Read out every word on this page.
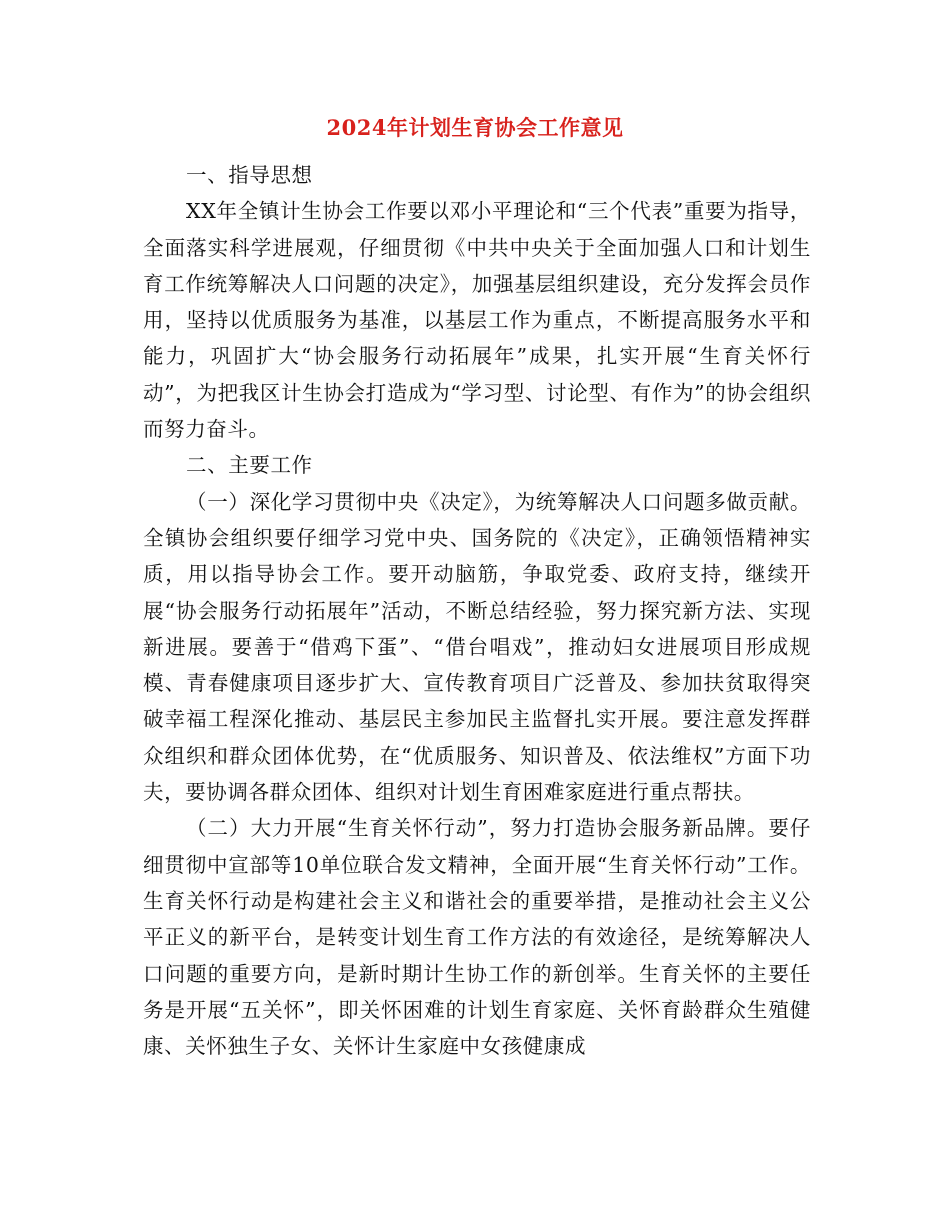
2024年计划生育协会工作意见

一、指导思想

XX年全镇计生协会工作要以邓小平理论和“三个代表”重要为指导，全面落实科学进展观，仔细贯彻《中共中央关于全面加强人口和计划生育工作统筹解决人口问题的决定》，加强基层组织建设，充分发挥会员作用，坚持以优质服务为基准，以基层工作为重点，不断提高服务水平和能力，巩固扩大“协会服务行动拓展年”成果，扎实开展“生育关怀行动”，为把我区计生协会打造成为“学习型、讨论型、有作为”的协会组织而努力奋斗。

二、主要工作

（一）深化学习贯彻中央《决定》，为统筹解决人口问题多做贡献。全镇协会组织要仔细学习党中央、国务院的《决定》，正确领悟精神实质，用以指导协会工作。要开动脑筋，争取党委、政府支持，继续开展“协会服务行动拓展年”活动，不断总结经验，努力探究新方法、实现新进展。要善于“借鸡下蛋”、“借台唱戏”，推动妇女进展项目形成规模、青春健康项目逐步扩大、宣传教育项目广泛普及、参加扶贫取得突破幸福工程深化推动、基层民主参加民主监督扎实开展。要注意发挥群众组织和群众团体优势，在“优质服务、知识普及、依法维权”方面下功夫，要协调各群众团体、组织对计划生育困难家庭进行重点帮扶。

（二）大力开展“生育关怀行动”，努力打造协会服务新品牌。要仔细贯彻中宣部等10单位联合发文精神，全面开展“生育关怀行动”工作。生育关怀行动是构建社会主义和谐社会的重要举措，是推动社会主义公平正义的新平台，是转变计划生育工作方法的有效途径，是统筹解决人口问题的重要方向，是新时期计生协工作的新创举。生育关怀的主要任务是开展“五关怀”，即关怀困难的计划生育家庭、关怀育龄群众生殖健康、关怀独生子女、关怀计生家庭中女孩健康成
